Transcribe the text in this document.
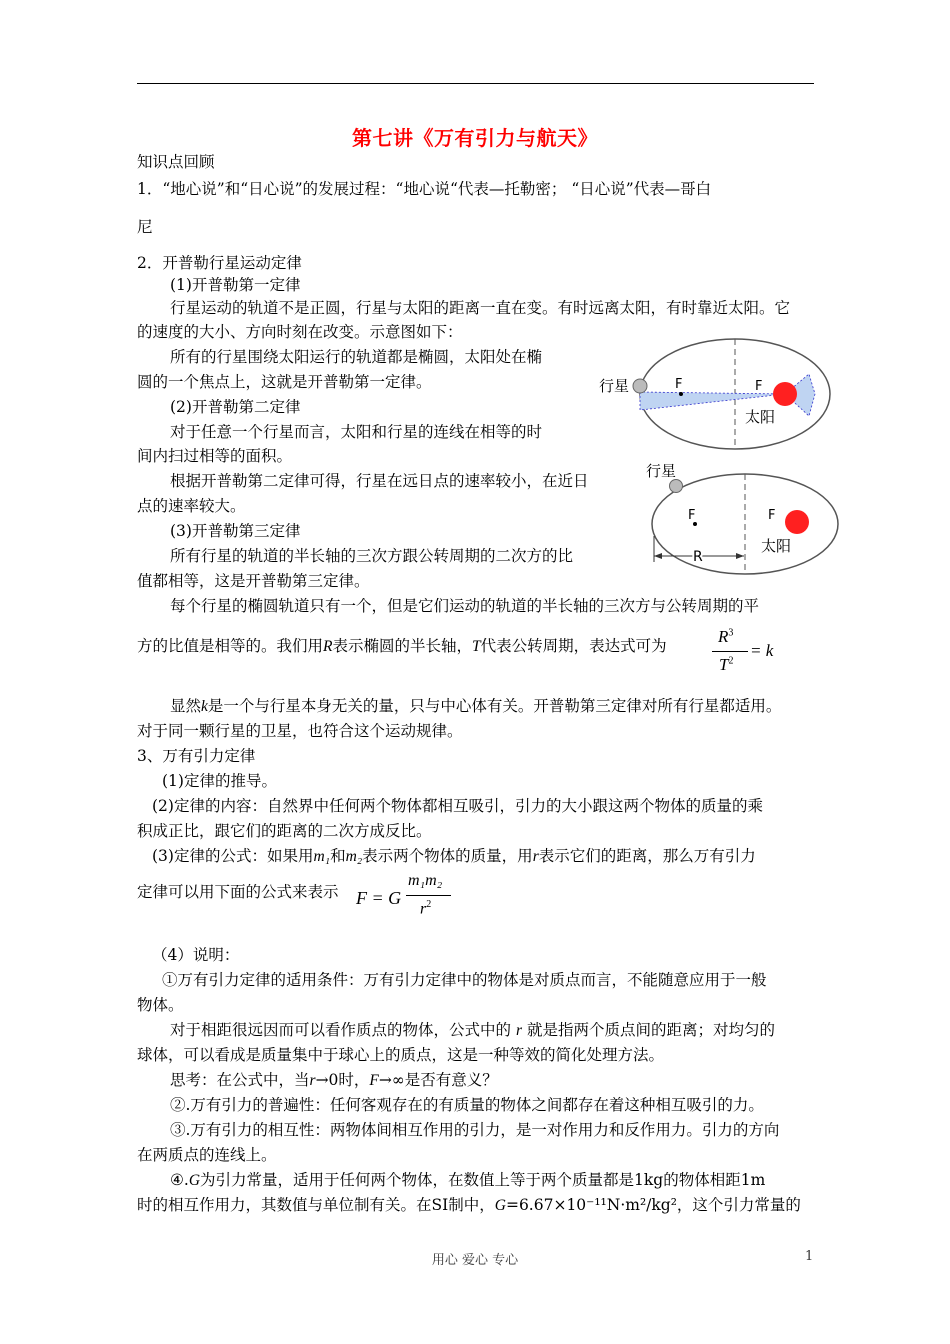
第七讲《万有引力与航天》
知识点回顾
1．“地心说”和“日心说”的发展过程：“地心说“代表—托勒密； “日心说”代表—哥白
尼
2．开普勒行星运动定律
(1)开普勒第一定律
行星运动的轨道不是正圆，行星与太阳的距离一直在变。有时远离太阳，有时靠近太阳。它
的速度的大小、方向时刻在改变。示意图如下：
所有的行星围绕太阳运行的轨道都是椭圆，太阳处在椭
圆的一个焦点上，这就是开普勒第一定律。
(2)开普勒第二定律
对于任意一个行星而言，太阳和行星的连线在相等的时
间内扫过相等的面积。
根据开普勒第二定律可得，行星在远日点的速率较小，在近日
点的速率较大。
(3)开普勒第三定律
所有行星的轨道的半长轴的三次方跟公转周期的二次方的比
值都相等，这是开普勒第三定律。
每个行星的椭圆轨道只有一个，但是它们运动的轨道的半长轴的三次方与公转周期的平
方的比值是相等的。我们用R表示椭圆的半长轴，T代表公转周期，表达式可为	$R^3$
$T^2$
= k
显然k是一个与行星本身无关的量，只与中心体有关。开普勒第三定律对所有行星都适用。
对于同一颗行星的卫星，也符合这个运动规律。
3、万有引力定律
(1)定律的推导。
(2)定律的内容：自然界中任何两个物体都相互吸引，引力的大小跟这两个物体的质量的乘
积成正比，跟它们的距离的二次方成反比。
(3)定律的公式：如果用m₁和m₂表示两个物体的质量，用r表示它们的距离，那么万有引力
定律可以用下面的公式来表示 F = G
m₁m₂
$r^2$
（4）说明：
①万有引力定律的适用条件：万有引力定律中的物体是对质点而言，不能随意应用于一般
物体。
对于相距很远因而可以看作质点的物体，公式中的 r 就是指两个质点间的距离；对均匀的
球体，可以看成是质量集中于球心上的质点，这是一种等效的简化处理方法。
思考：在公式中，当r→0时，F→∞是否有意义？
②.万有引力的普遍性：任何客观存在的有质量的物体之间都存在着这种相互吸引的力。
③.万有引力的相互性：两物体间相互作用的引力，是一对作用力和反作用力。引力的方向
在两质点的连线上。
④.G为引力常量，适用于任何两个物体，在数值上等于两个质量都是1kg的物体相距1m
时的相互作用力，其数值与单位制有关。在SI制中，G=6.67×10⁻¹¹N·m²/kg²，这个引力常量的
行星	F	F
太阳
行星
F	F
R
太阳
用心 爱心 专心	1
